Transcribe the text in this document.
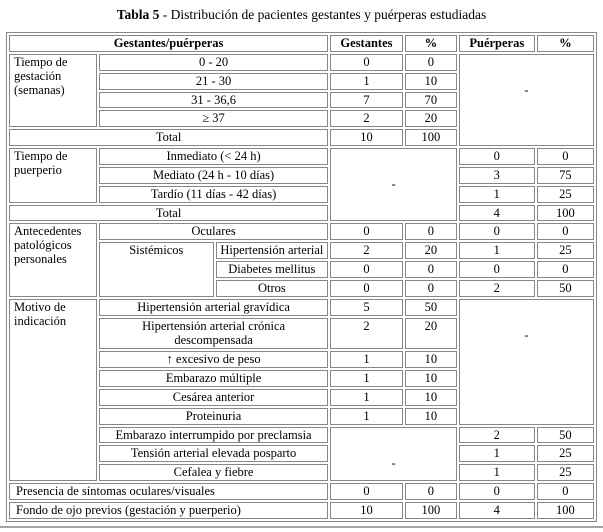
Tabla 5 - Distribución de pacientes gestantes y puérperas estudiadas
Gestantes/puérperas			Gestantes	%	Puérperas	%
Tiempo de gestación (semanas)	0 - 20		0	0	-	
	21 - 30		1	10		
	31 - 36,6		7	70		
	≥ 37		2	20		
Total			10	100		
Tiempo de puerperio	Inmediato (< 24 h)		-		0	0
	Mediato (24 h - 10 días)				3	75
	Tardío (11 días - 42 días)				1	25
Total					4	100
Antecedentes patológicos personales	Oculares		0	0	0	0
	Sistémicos	Hipertensión arterial	2	20	1	25
		Diabetes mellitus	0	0	0	0
		Otros	0	0	2	50
Motivo de indicación	Hipertensión arterial gravídica		5	50	-	
	Hipertensión arterial crónica descompensada		2	20		
	↑ excesivo de peso		1	10		
	Embarazo múltiple		1	10		
	Cesárea anterior		1	10		
	Proteinuria		1	10		
	Embarazo interrumpido por preclamsia		-		2	50
	Tensión arterial elevada posparto				1	25
	Cefalea y fiebre				1	25
Presencia de síntomas oculares/visuales			0	0	0	0
Fondo de ojo previos (gestación y puerperio)			10	100	4	100
